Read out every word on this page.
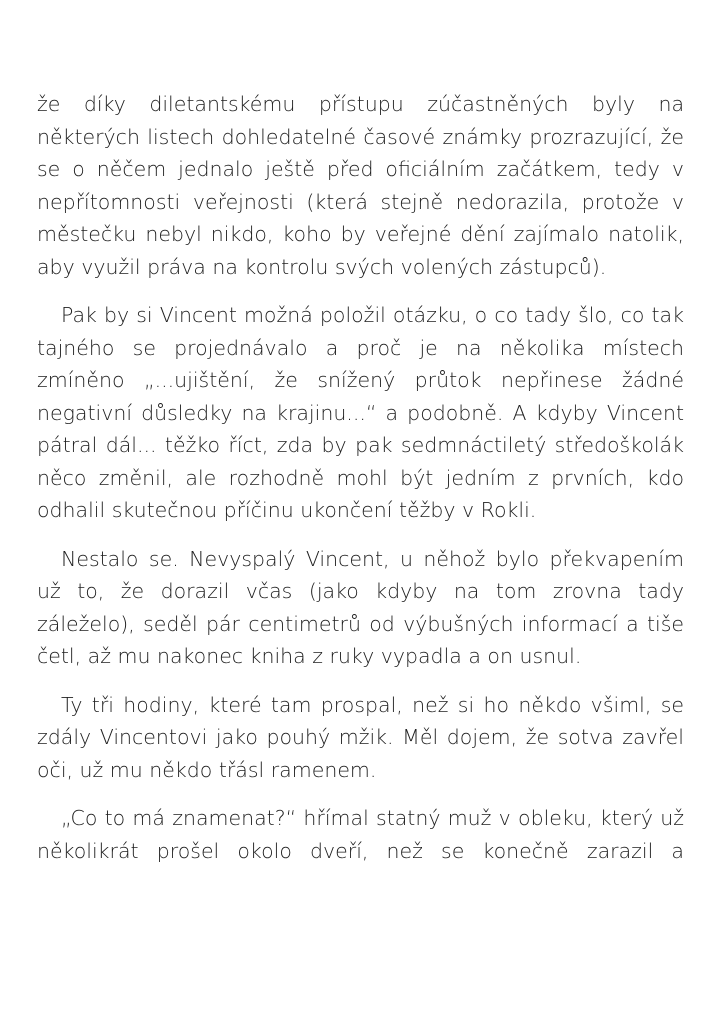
že díky diletantskému přístupu zúčastněných byly na některých listech dohledatelné časové známky prozrazující, že se o něčem jednalo ještě před oficiálním začátkem, tedy v nepřítomnosti veřejnosti (která stejně nedorazila, protože v městečku nebyl nikdo, koho by veřejné dění zajímalo natolik, aby využil práva na kontrolu svých volených zástupců).

Pak by si Vincent možná položil otázku, o co tady šlo, co tak tajného se projednávalo a proč je na několika místech zmíněno „...ujištění, že snížený průtok nepřinese žádné negativní důsledky na krajinu...“ a podobně. A kdyby Vincent pátral dál... těžko říct, zda by pak sedmnáctiletý středoškolák něco změnil, ale rozhodně mohl být jedním z prvních, kdo odhalil skutečnou příčinu ukončení těžby v Rokli.

Nestalo se. Nevyspalý Vincent, u něhož bylo překvapením už to, že dorazil včas (jako kdyby na tom zrovna tady záleželo), seděl pár centimetrů od výbušných informací a tiše četl, až mu nakonec kniha z ruky vypadla a on usnul.

Ty tři hodiny, které tam prospal, než si ho někdo všiml, se zdály Vincentovi jako pouhý mžik. Měl dojem, že sotva zavřel oči, už mu někdo třásl ramenem.

„Co to má znamenat?“ hřímal statný muž v obleku, který už několikrát prošel okolo dveří, než se konečně zarazil a
